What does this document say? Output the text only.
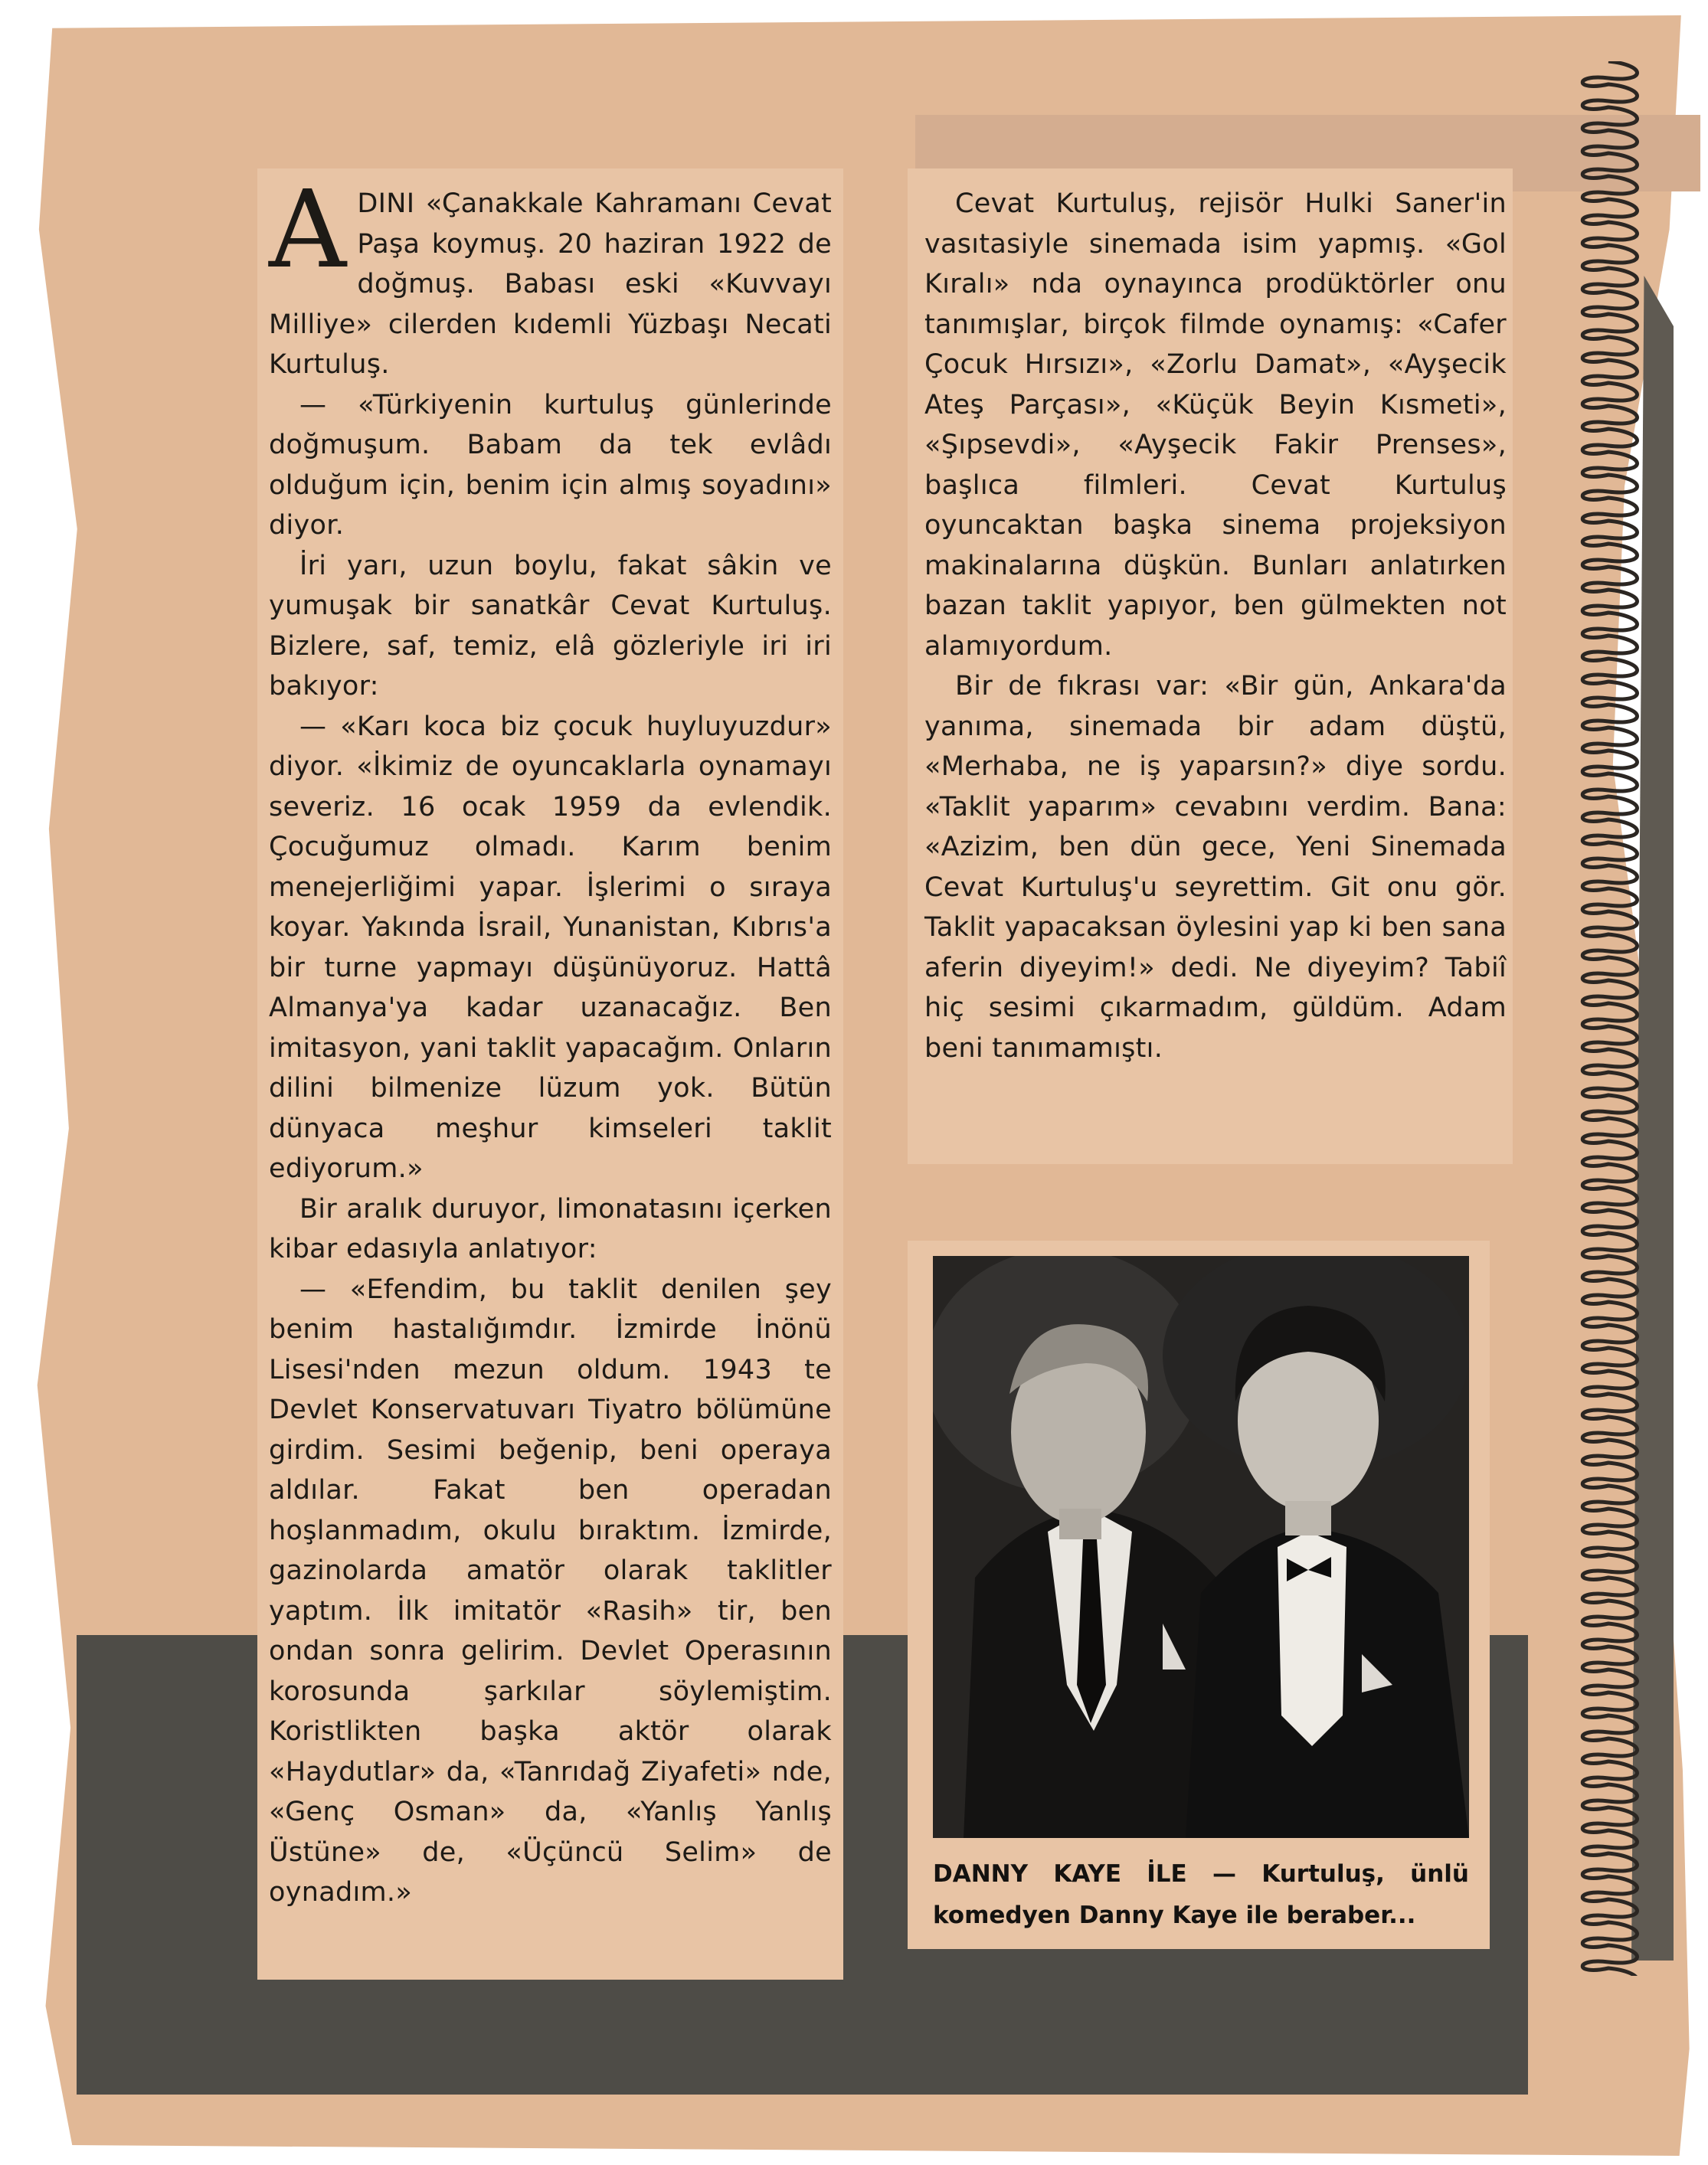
ADINI «Çanakkale Kahramanı Cevat Paşa koymuş. 20 haziran 1922 de doğmuş. Babası eski «Kuvvayı Milliye» cilerden kıdemli Yüzbaşı Necati Kurtuluş.

— «Türkiyenin kurtuluş günlerinde doğmuşum. Babam da tek evlâdı olduğum için, benim için almış soyadını» diyor.

İri yarı, uzun boylu, fakat sâkin ve yumuşak bir sanatkâr Cevat Kurtuluş. Bizlere, saf, temiz, elâ gözleriyle iri iri bakıyor:

— «Karı koca biz çocuk huyluyuzdur» diyor. «İkimiz de oyuncaklarla oynamayı severiz. 16 ocak 1959 da evlendik. Çocuğumuz olmadı. Karım benim menejerliğimi yapar. İşlerimi o sıraya koyar. Yakında İsrail, Yunanistan, Kıbrıs'a bir turne yapmayı düşünüyoruz. Hattâ Almanya'ya kadar uzanacağız. Ben imitasyon, yani taklit yapacağım. Onların dilini bilmenize lüzum yok. Bütün dünyaca meşhur kimseleri taklit ediyorum.»

Bir aralık duruyor, limonatasını içerken kibar edasıyla anlatıyor:

— «Efendim, bu taklit denilen şey benim hastalığımdır. İzmirde İnönü Lisesi'nden mezun oldum. 1943 te Devlet Konservatuvarı Tiyatro bölümüne girdim. Sesimi beğenip, beni operaya aldılar. Fakat ben operadan hoşlanmadım, okulu bıraktım. İzmirde, gazinolarda amatör olarak taklitler yaptım. İlk imitatör «Rasih» tir, ben ondan sonra gelirim. Devlet Operasının korosunda şarkılar söylemiştim. Koristlikten başka aktör olarak «Haydutlar» da, «Tanrıdağ Ziyafeti» nde, «Genç Osman» da, «Yanlış Yanlış Üstüne» de, «Üçüncü Selim» de oynadım.»

Cevat Kurtuluş, rejisör Hulki Saner'in vasıtasiyle sinemada isim yapmış. «Gol Kıralı» nda oynayınca prodüktörler onu tanımışlar, birçok filmde oynamış: «Cafer Çocuk Hırsızı», «Zorlu Damat», «Ayşecik Ateş Parçası», «Küçük Beyin Kısmeti», «Şıpsevdi», «Ayşecik Fakir Prenses», başlıca filmleri. Cevat Kurtuluş oyuncaktan başka sinema projeksiyon makinalarına düşkün. Bunları anlatırken bazan taklit yapıyor, ben gülmekten not alamıyordum.

Bir de fıkrası var: «Bir gün, Ankara'da yanıma, sinemada bir adam düştü, «Merhaba, ne iş yaparsın?» diye sordu. «Taklit yaparım» cevabını verdim. Bana: «Azizim, ben dün gece, Yeni Sinemada Cevat Kurtuluş'u seyrettim. Git onu gör. Taklit yapacaksan öylesini yap ki ben sana aferin diyeyim!» dedi. Ne diyeyim? Tabiî hiç sesimi çıkarmadım, güldüm. Adam beni tanımamıştı.

DANNY KAYE İLE — Kurtuluş, ünlü komedyen Danny Kaye ile beraber...
